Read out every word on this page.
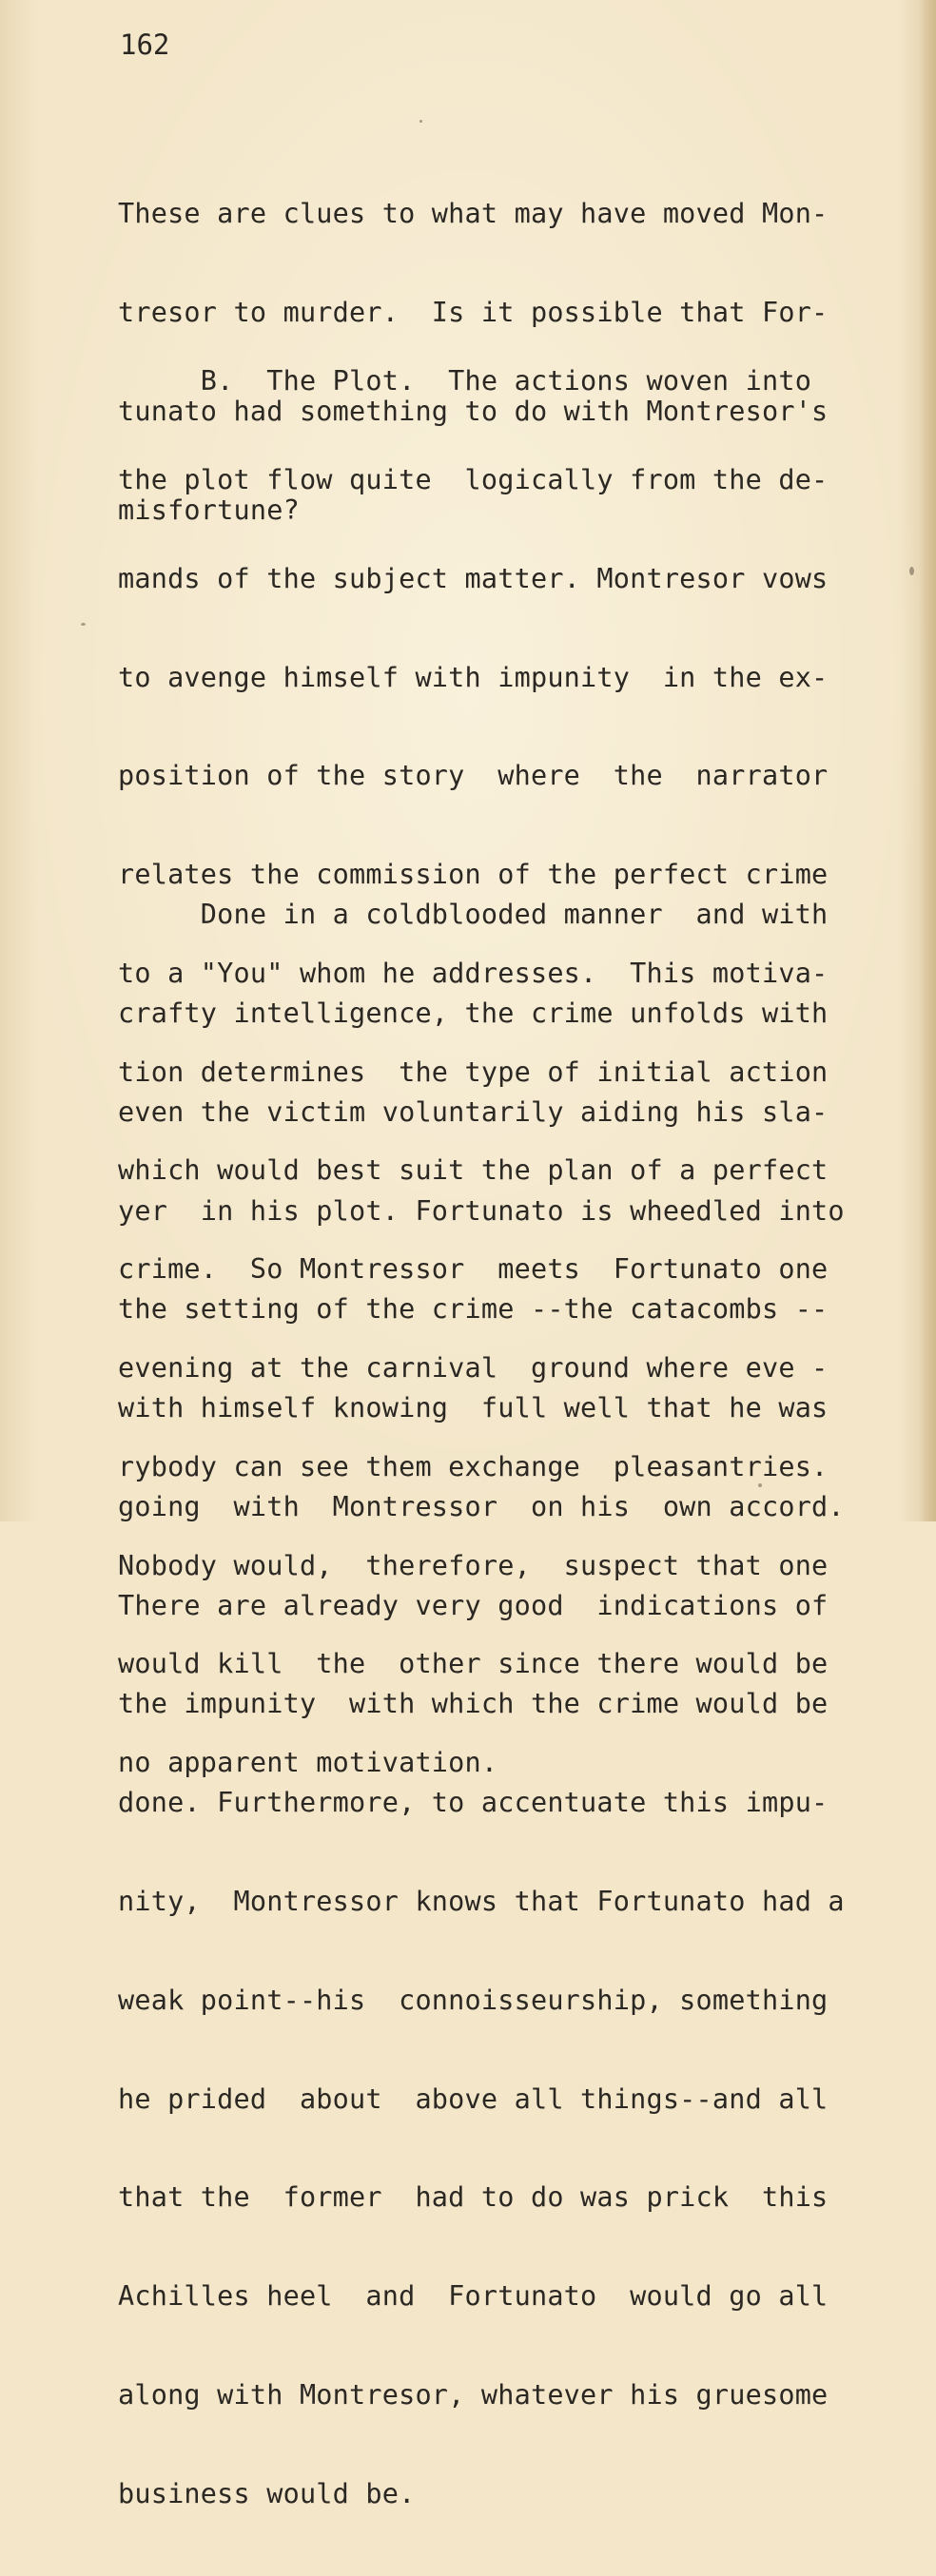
162

These are clues to what may have moved Mon-

tresor to murder.  Is it possible that For-

tunato had something to do with Montresor's

misfortune?

B.  The Plot.  The actions woven into

the plot flow quite  logically from the de-

mands of the subject matter. Montresor vows

to avenge himself with impunity  in the ex-

position of the story  where  the  narrator

relates the commission of the perfect crime

to a "You" whom he addresses.  This motiva-

tion determines  the type of initial action

which would best suit the plan of a perfect

crime.  So Montressor  meets  Fortunato one

evening at the carnival  ground where eve -

rybody can see them exchange  pleasantries.

Nobody would,  therefore,  suspect that one

would kill  the  other since there would be

no apparent motivation.

Done in a coldblooded manner  and with

crafty intelligence, the crime unfolds with

even the victim voluntarily aiding his sla-

yer  in his plot. Fortunato is wheedled into

the setting of the crime --the catacombs --

with himself knowing  full well that he was

going  with  Montressor  on his  own accord.

There are already very good  indications of

the impunity  with which the crime would be

done. Furthermore, to accentuate this impu-

nity,  Montressor knows that Fortunato had a

weak point--his  connoisseurship, something

he prided  about  above all things--and all

that the  former  had to do was prick  this

Achilles heel  and  Fortunato  would go all

along with Montresor, whatever his gruesome

business would be.
